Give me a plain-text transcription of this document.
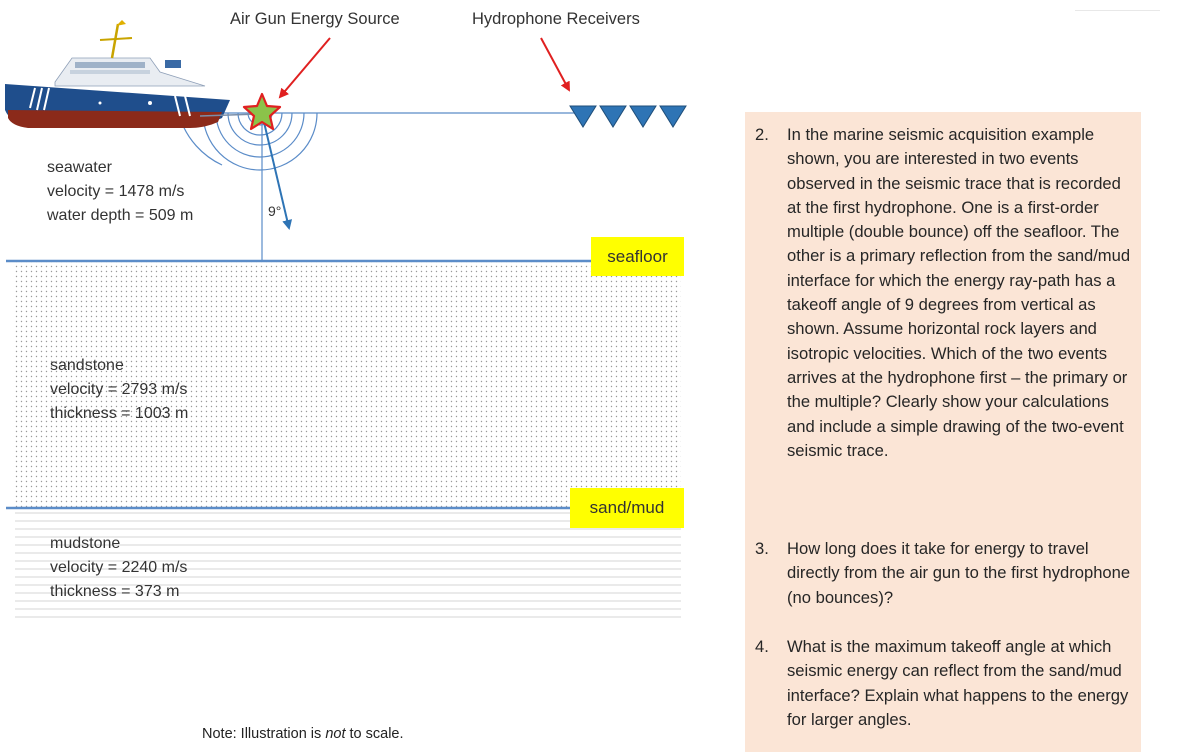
Air Gun Energy Source	Hydrophone Receivers
9°
seawater
velocity = 1478 m/s
water depth = 509 m
sandstone
velocity = 2793 m/s
thickness = 1003 m
mudstone
velocity = 2240 m/s
thickness = 373 m
seafloor
sand/mud
Note: Illustration is not to scale.
2. In the marine seismic acquisition example shown, you are interested in two events observed in the seismic trace that is recorded at the first hydrophone. One is a first-order multiple (double bounce) off the seafloor. The other is a primary reflection from the sand/mud interface for which the energy ray-path has a takeoff angle of 9 degrees from vertical as shown. Assume horizontal rock layers and isotropic velocities. Which of the two events arrives at the hydrophone first – the primary or the multiple? Clearly show your calculations and include a simple drawing of the two-event seismic trace.
3. How long does it take for energy to travel directly from the air gun to the first hydrophone (no bounces)?
4. What is the maximum takeoff angle at which seismic energy can reflect from the sand/mud interface? Explain what happens to the energy for larger angles.
